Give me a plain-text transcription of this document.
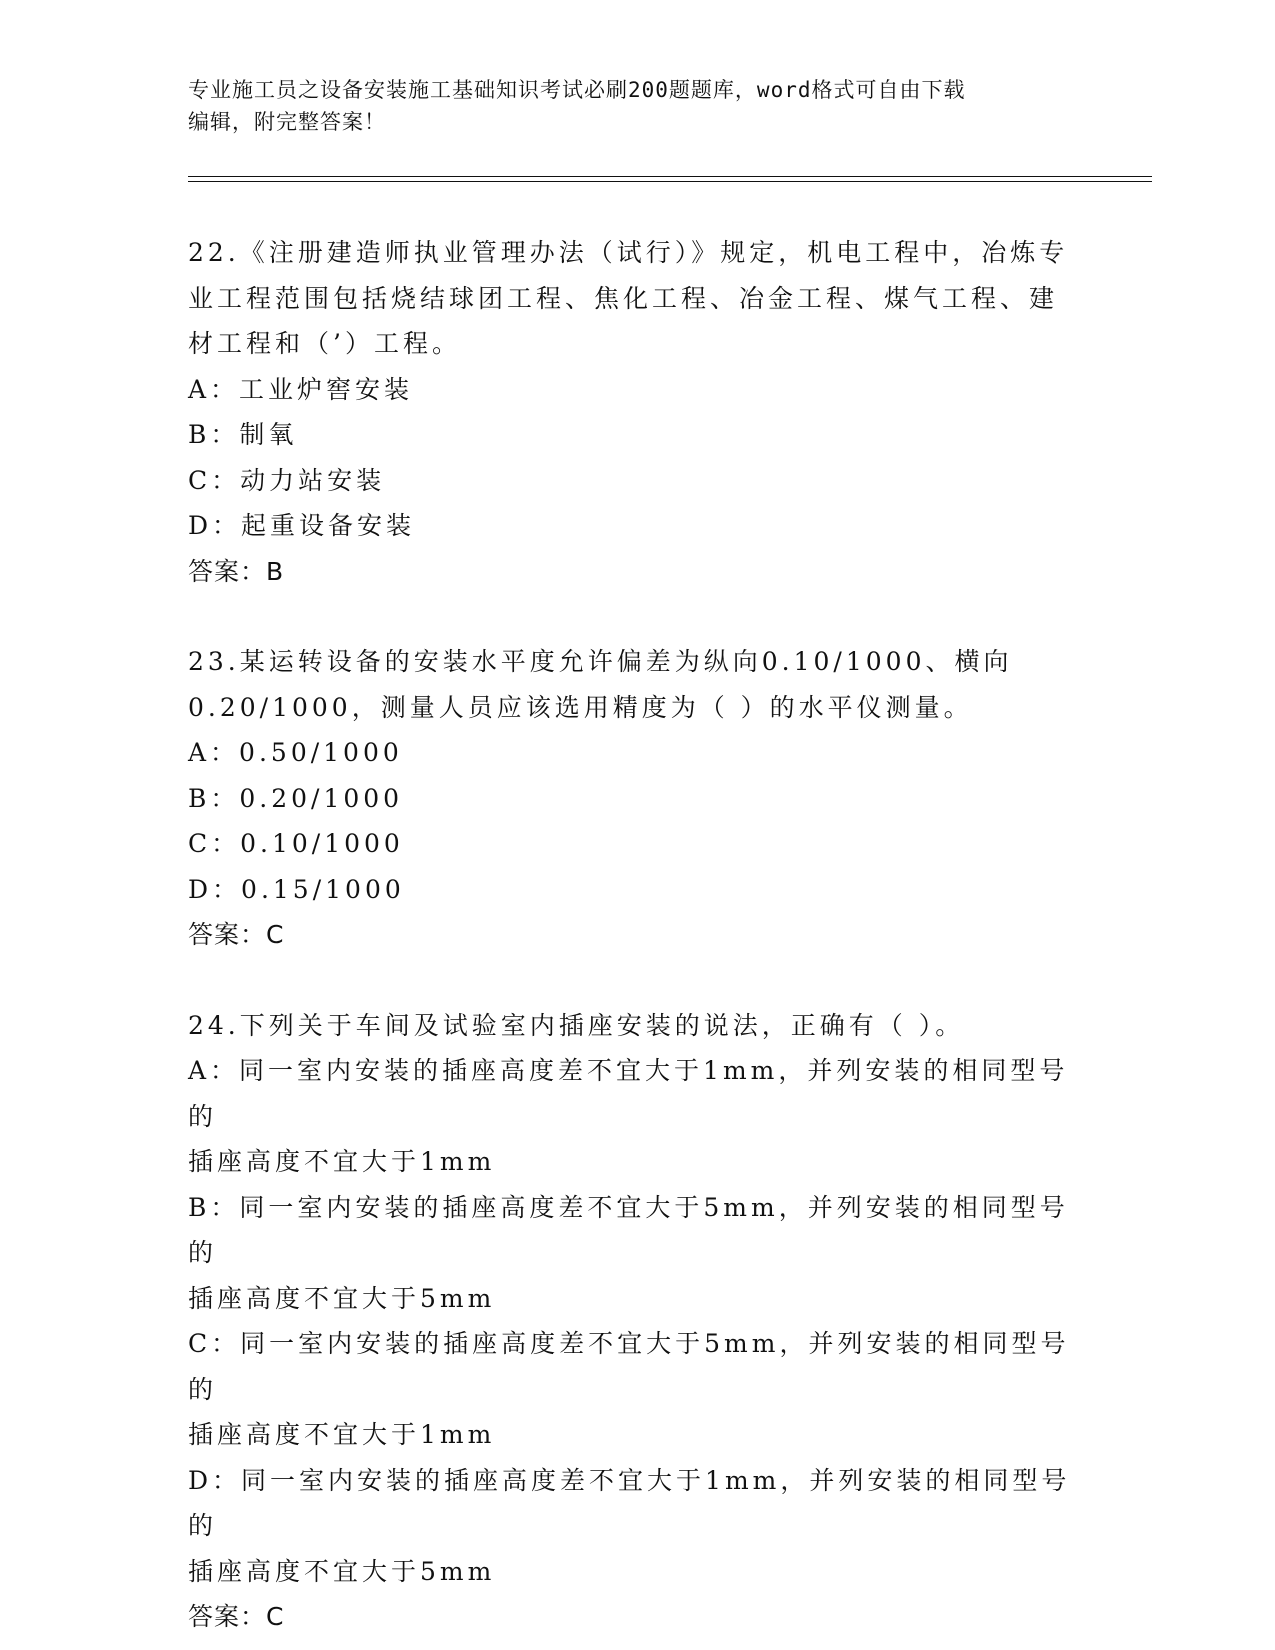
专业施工员之设备安装施工基础知识考试必刷200题题库，word格式可自由下载
编辑，附完整答案！
22.《注册建造师执业管理办法（试行）》规定，机电工程中，冶炼专
业工程范围包括烧结球团工程、焦化工程、冶金工程、煤气工程、建
材工程和（’）工程。
A：工业炉窖安装
B：制氧
C：动力站安装
D：起重设备安装
答案：B
23.某运转设备的安装水平度允许偏差为纵向0.10/1000、横向
0.20/1000，测量人员应该选用精度为（ ）的水平仪测量。
A：0.50/1000
B：0.20/1000
C：0.10/1000
D：0.15/1000
答案：C
24.下列关于车间及试验室内插座安装的说法，正确有（ ）。
A：同一室内安装的插座高度差不宜大于1mm，并列安装的相同型号的
插座高度不宜大于1mm
B：同一室内安装的插座高度差不宜大于5mm，并列安装的相同型号的
插座高度不宜大于5mm
C：同一室内安装的插座高度差不宜大于5mm，并列安装的相同型号的
插座高度不宜大于1mm
D：同一室内安装的插座高度差不宜大于1mm，并列安装的相同型号的
插座高度不宜大于5mm
答案：C
